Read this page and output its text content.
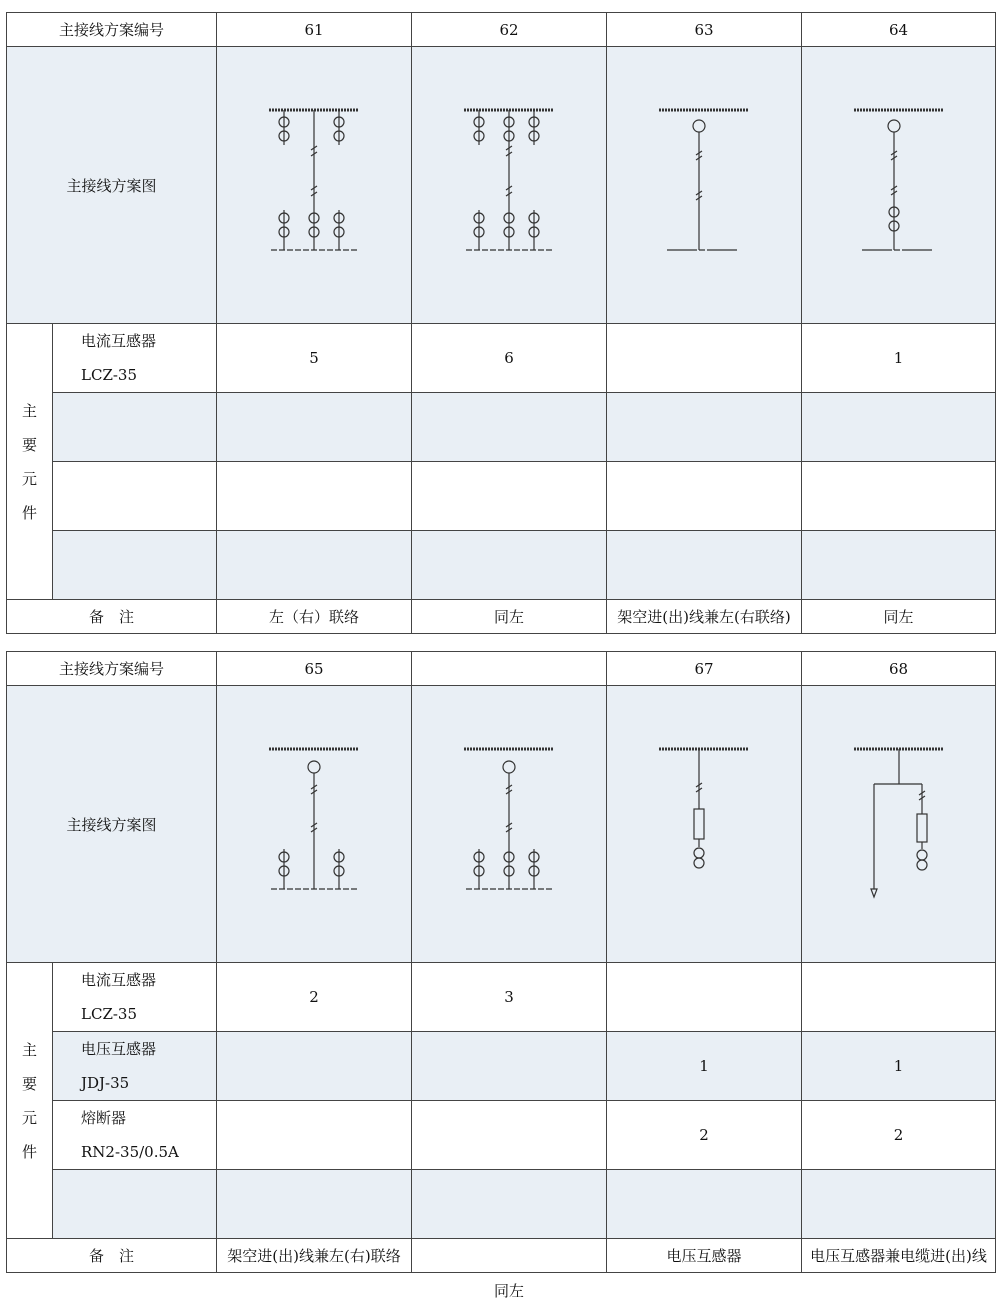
主接线方案编号		61	62	63	64
主接线方案图	

主
要
元
件	电流互感器
LCZ-35	5	6		1

备　注		左（右）联络	同左	架空进(出)线兼左(右联络)	同左
主接线方案编号		65		67	68
主接线方案图	

主
要
元
件	电流互感器
LCZ-35	2	3		

	电压互感器
JDJ-35			1	1

	熔断器
RN2-35/0.5A			2	2

备　注		架空进(出)线兼左(右)联络		电压互感器	电压互感器兼电缆进(出)线
同左
